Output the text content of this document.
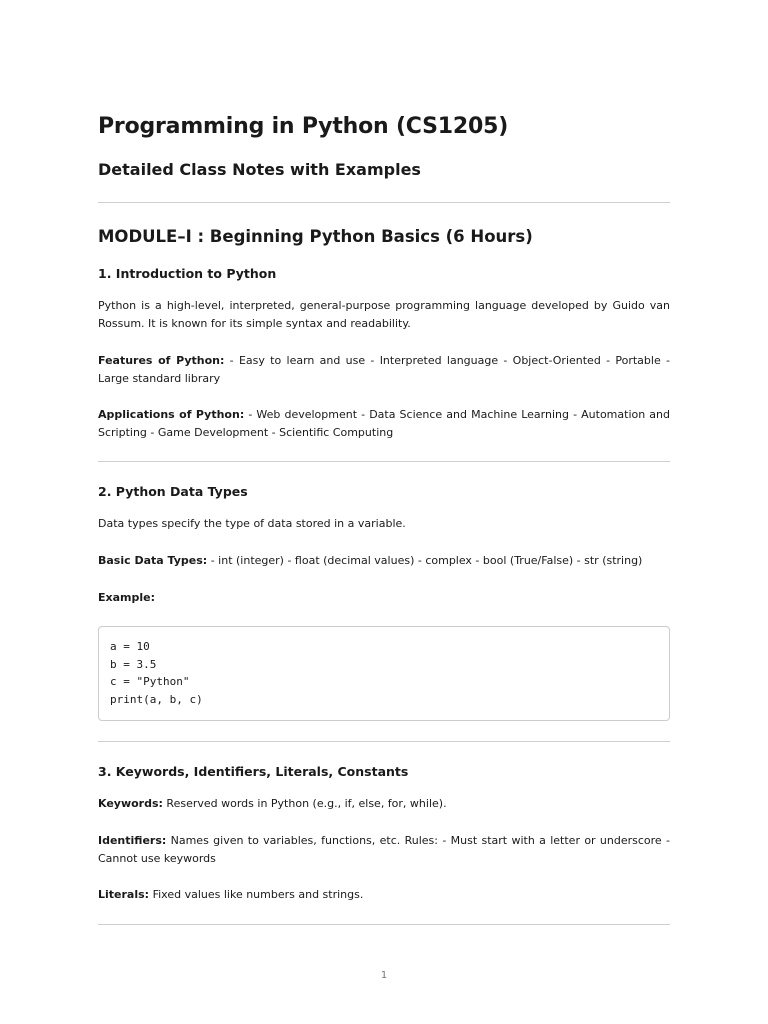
Programming in Python (CS1205)
Detailed Class Notes with Examples
MODULE–I : Beginning Python Basics (6 Hours)
1. Introduction to Python

Python is a high-level, interpreted, general-purpose programming language developed by Guido van Rossum. It is known for its simple syntax and readability.

Features of Python: - Easy to learn and use - Interpreted language - Object-Oriented - Portable - Large standard library

Applications of Python: - Web development - Data Science and Machine Learning - Automation and Scripting - Game Development - Scientific Computing

2. Python Data Types

Data types specify the type of data stored in a variable.

Basic Data Types: - int (integer) - float (decimal values) - complex - bool (True/False) - str (string)

Example:

a = 10
b = 3.5
c = "Python"
print(a, b, c)
3. Keywords, Identifiers, Literals, Constants

Keywords: Reserved words in Python (e.g., if, else, for, while).

Identifiers: Names given to variables, functions, etc. Rules: - Must start with a letter or underscore - Cannot use keywords

Literals: Fixed values like numbers and strings.

1
